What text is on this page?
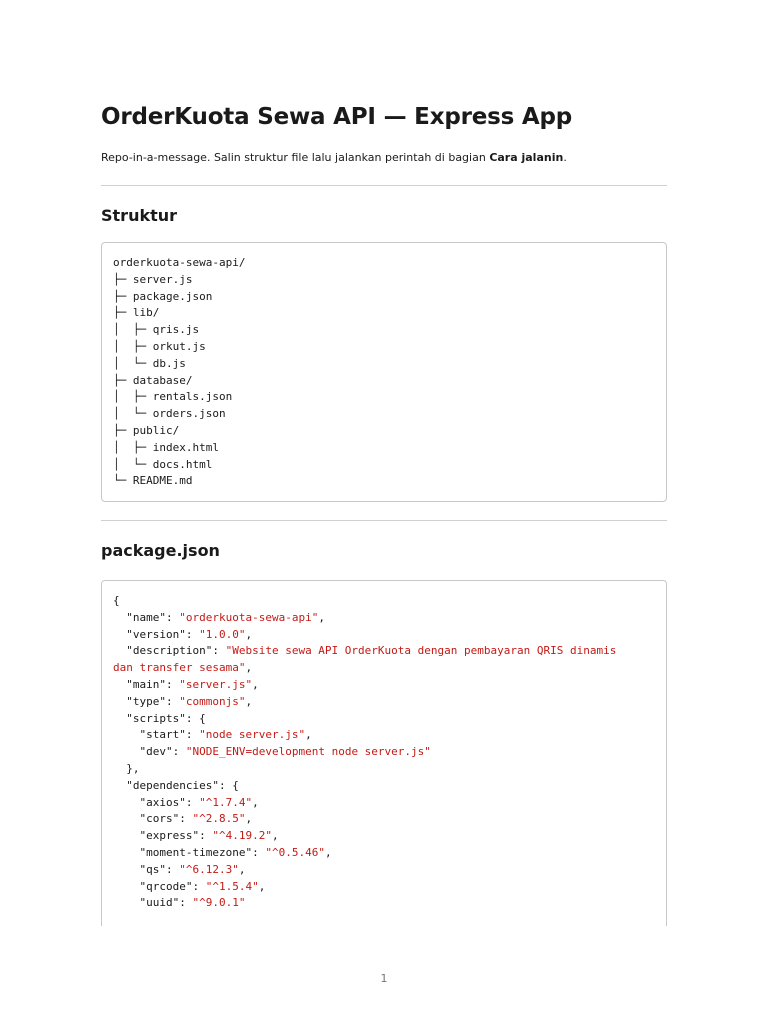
OrderKuota Sewa API — Express App

Repo-in-a-message. Salin struktur file lalu jalankan perintah di bagian Cara jalanin.

Struktur
orderkuota-sewa-api/
├─ server.js
├─ package.json
├─ lib/
│  ├─ qris.js
│  ├─ orkut.js
│  └─ db.js
├─ database/
│  ├─ rentals.json
│  └─ orders.json
├─ public/
│  ├─ index.html
│  └─ docs.html
└─ README.md
package.json
{
"name": "orderkuota-sewa-api",
"version": "1.0.0",
"description": "Website sewa API OrderKuota dengan pembayaran QRIS dinamis
dan transfer sesama",
"main": "server.js",
"type": "commonjs",
"scripts": {
"start": "node server.js",
"dev": "NODE_ENV=development node server.js"
},
"dependencies": {
"axios": "^1.7.4",
"cors": "^2.8.5",
"express": "^4.19.2",
"moment-timezone": "^0.5.46",
"qs": "^6.12.3",
"qrcode": "^1.5.4",
"uuid": "^9.0.1"
1
